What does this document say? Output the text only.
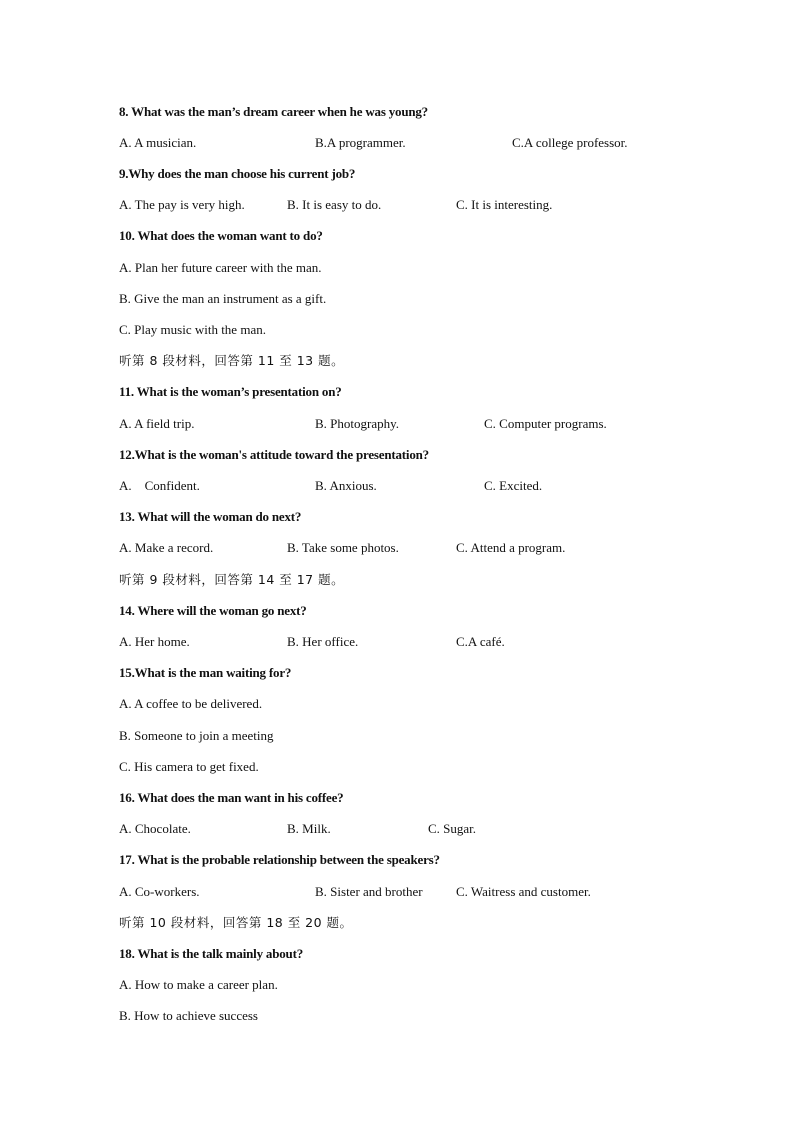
8. What was the man’s dream career when he was young?
A. A musician.	B.A programmer.	C.A college professor.
9.Why does the man choose his current job?
A. The pay is very high.	B. It is easy to do.	C. It is interesting.
10. What does the woman want to do?
A. Plan her future career with the man.
B. Give the man an instrument as a gift.
C. Play music with the man.
听第 8 段材料，回答第 11 至 13 题。
11. What is the woman’s presentation on?
A. A field trip.	B. Photography.	C. Computer programs.
12.What is the woman's attitude toward the presentation?
A.    Confident.	B. Anxious.	C. Excited.
13. What will the woman do next?
A. Make a record.	B. Take some photos.	C. Attend a program.
听第 9 段材料，回答第 14 至 17 题。
14. Where will the woman go next?
A. Her home.	B. Her office.	C.A café.
15.What is the man waiting for?
A. A coffee to be delivered.
B. Someone to join a meeting
C. His camera to get fixed.
16. What does the man want in his coffee?
A. Chocolate.	B. Milk.	C. Sugar.
17. What is the probable relationship between the speakers?
A. Co-workers.	B. Sister and brother	C. Waitress and customer.
听第 10 段材料，回答第 18 至 20 题。
18. What is the talk mainly about?
A. How to make a career plan.
B. How to achieve success
